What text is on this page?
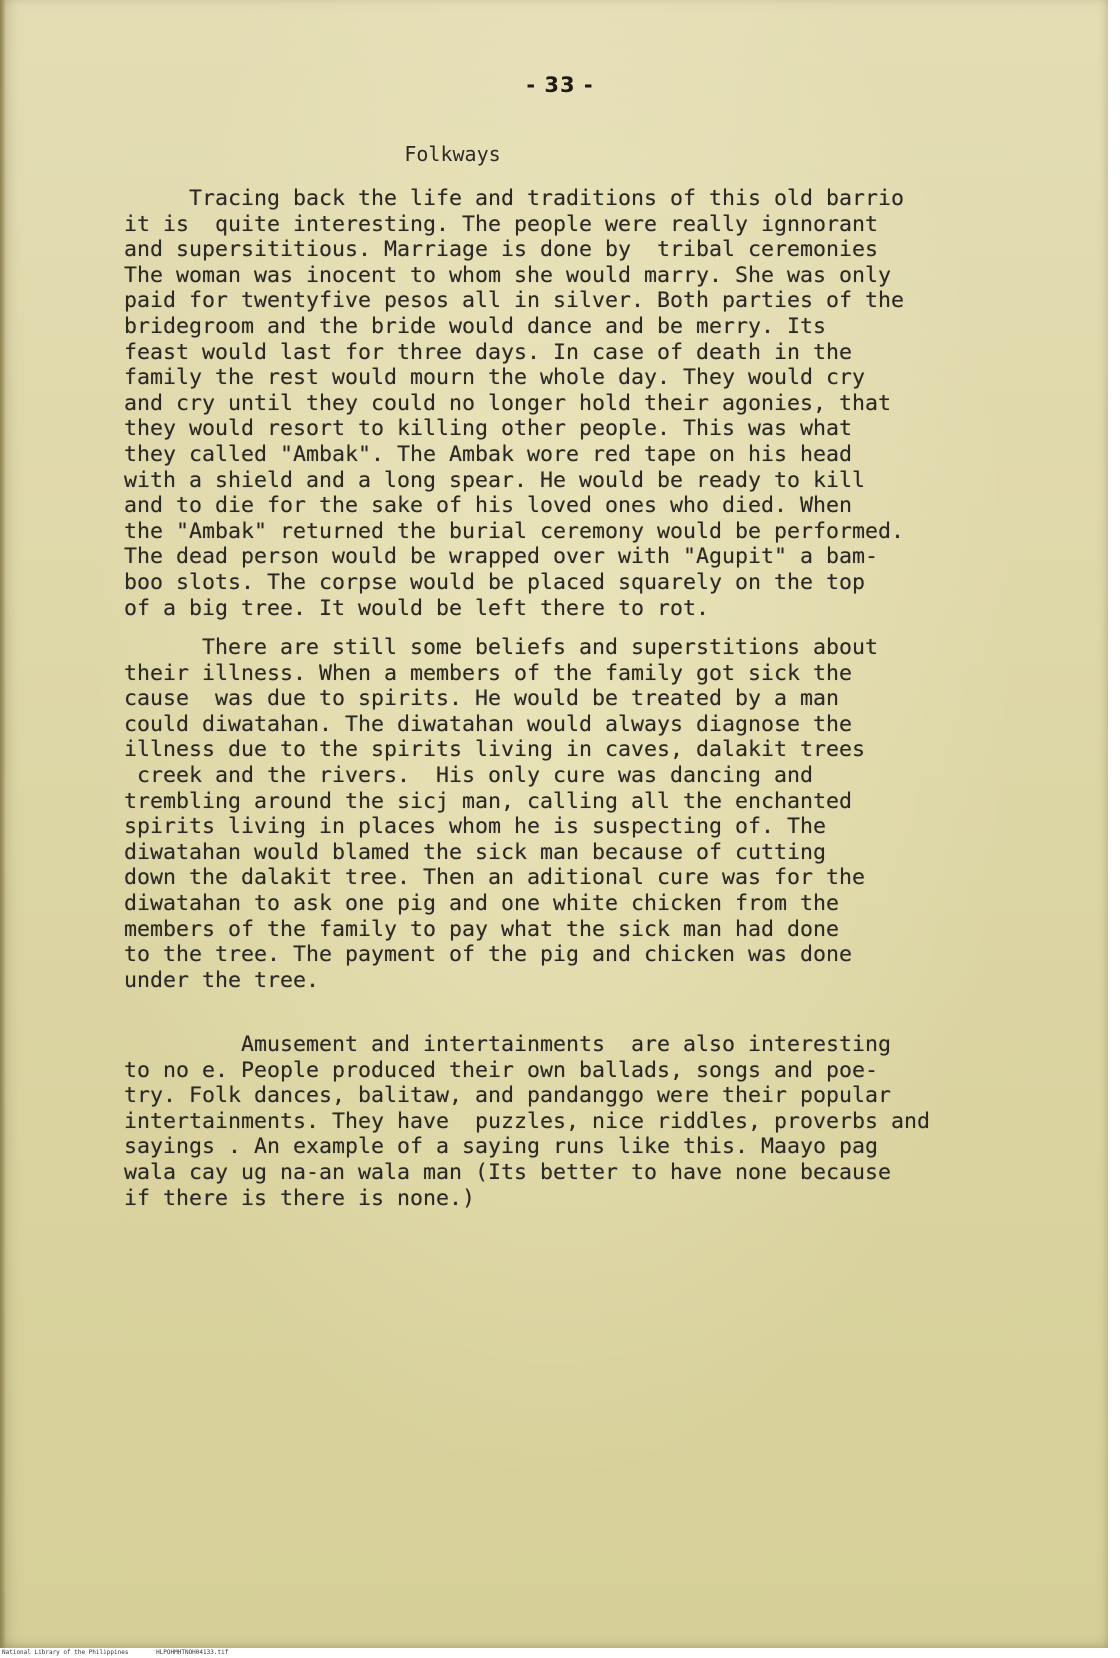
- 33 -
Folkways
Tracing back the life and traditions of this old barrio
it is  quite interesting. The people were really ignnorant
and supersititious. Marriage is done by  tribal ceremonies
The woman was inocent to whom she would marry. She was only
paid for twentyfive pesos all in silver. Both parties of the
bridegroom and the bride would dance and be merry. Its
feast would last for three days. In case of death in the
family the rest would mourn the whole day. They would cry
and cry until they could no longer hold their agonies, that
they would resort to killing other people. This was what
they called "Ambak". The Ambak wore red tape on his head
with a shield and a long spear. He would be ready to kill
and to die for the sake of his loved ones who died. When
the "Ambak" returned the burial ceremony would be performed.
The dead person would be wrapped over with "Agupit" a bam-
boo slots. The corpse would be placed squarely on the top
of a big tree. It would be left there to rot.
There are still some beliefs and superstitions about
their illness. When a members of the family got sick the
cause  was due to spirits. He would be treated by a man
could diwatahan. The diwatahan would always diagnose the
illness due to the spirits living in caves, dalakit trees
creek and the rivers.  His only cure was dancing and
trembling around the sicj man, calling all the enchanted
spirits living in places whom he is suspecting of. The
diwatahan would blamed the sick man because of cutting
down the dalakit tree. Then an aditional cure was for the
diwatahan to ask one pig and one white chicken from the
members of the family to pay what the sick man had done
to the tree. The payment of the pig and chicken was done
under the tree.
Amusement and intertainments  are also interesting
to no e. People produced their own ballads, songs and poe-
try. Folk dances, balitaw, and pandanggo were their popular
intertainments. They have  puzzles, nice riddles, proverbs and
sayings . An example of a saying runs like this. Maayo pag
wala cay ug na-an wala man (Its better to have none because
if there is there is none.)
National Library of the Philippines	HLPOHMHTNOH04133.tif
